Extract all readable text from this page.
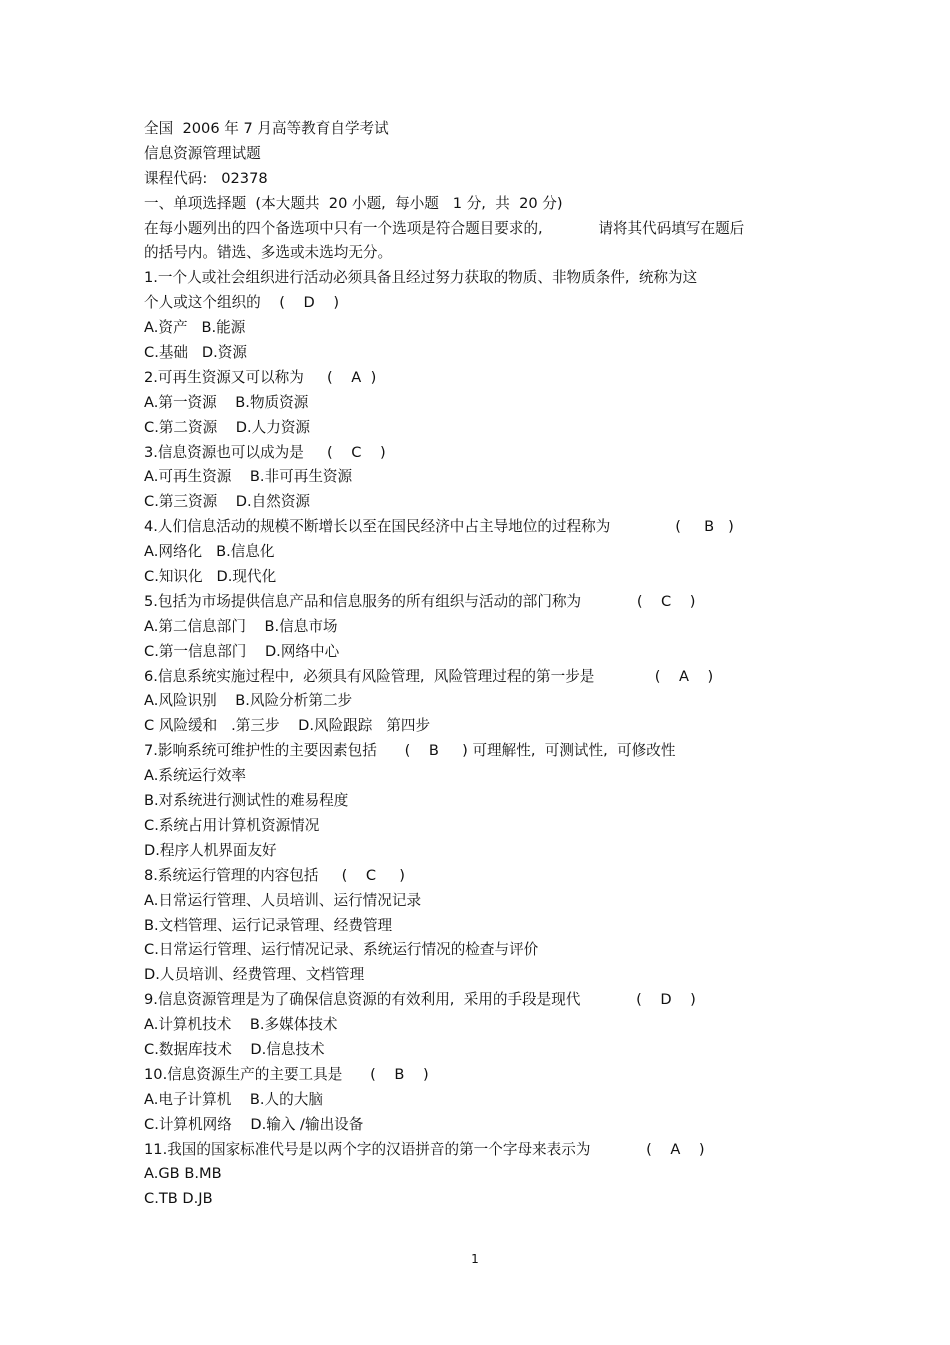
全国  2006 年 7 月高等教育自学考试
信息资源管理试题
课程代码:   02378
一、单项选择题  (本大题共  20 小题,  每小题   1 分,  共  20 分)
在每小题列出的四个备选项中只有一个选项是符合题目要求的,            请将其代码填写在题后
的括号内。错选、多选或未选均无分。
1.一个人或社会组织进行活动必须具备且经过努力获取的物质、非物质条件,  统称为这
个人或这个组织的    (    D    )
A.资产   B.能源
C.基础   D.资源
2.可再生资源又可以称为     (    A  )
A.第一资源    B.物质资源
C.第二资源    D.人力资源
3.信息资源也可以成为是     (    C    )
A.可再生资源    B.非可再生资源
C.第三资源    D.自然资源
4.人们信息活动的规模不断增长以至在国民经济中占主导地位的过程称为              (     B   )
A.网络化   B.信息化
C.知识化   D.现代化
5.包括为市场提供信息产品和信息服务的所有组织与活动的部门称为            (    C    )
A.第二信息部门    B.信息市场
C.第一信息部门    D.网络中心
6.信息系统实施过程中,  必须具有风险管理,  风险管理过程的第一步是             (    A    )
A.风险识别    B.风险分析第二步
C 风险缓和   .第三步    D.风险跟踪   第四步
7.影响系统可维护性的主要因素包括      (    B     ) 可理解性,  可测试性,  可修改性
A.系统运行效率
B.对系统进行测试性的难易程度
C.系统占用计算机资源情况
D.程序人机界面友好
8.系统运行管理的内容包括     (    C     )
A.日常运行管理、人员培训、运行情况记录
B.文档管理、运行记录管理、经费管理
C.日常运行管理、运行情况记录、系统运行情况的检查与评价
D.人员培训、经费管理、文档管理
9.信息资源管理是为了确保信息资源的有效利用,  采用的手段是现代            (    D    )
A.计算机技术    B.多媒体技术
C.数据库技术    D.信息技术
10.信息资源生产的主要工具是      (    B    )
A.电子计算机    B.人的大脑
C.计算机网络    D.输入 /输出设备
11.我国的国家标准代号是以两个字的汉语拼音的第一个字母来表示为            (    A    )
A.GB B.MB
C.TB D.JB
1
